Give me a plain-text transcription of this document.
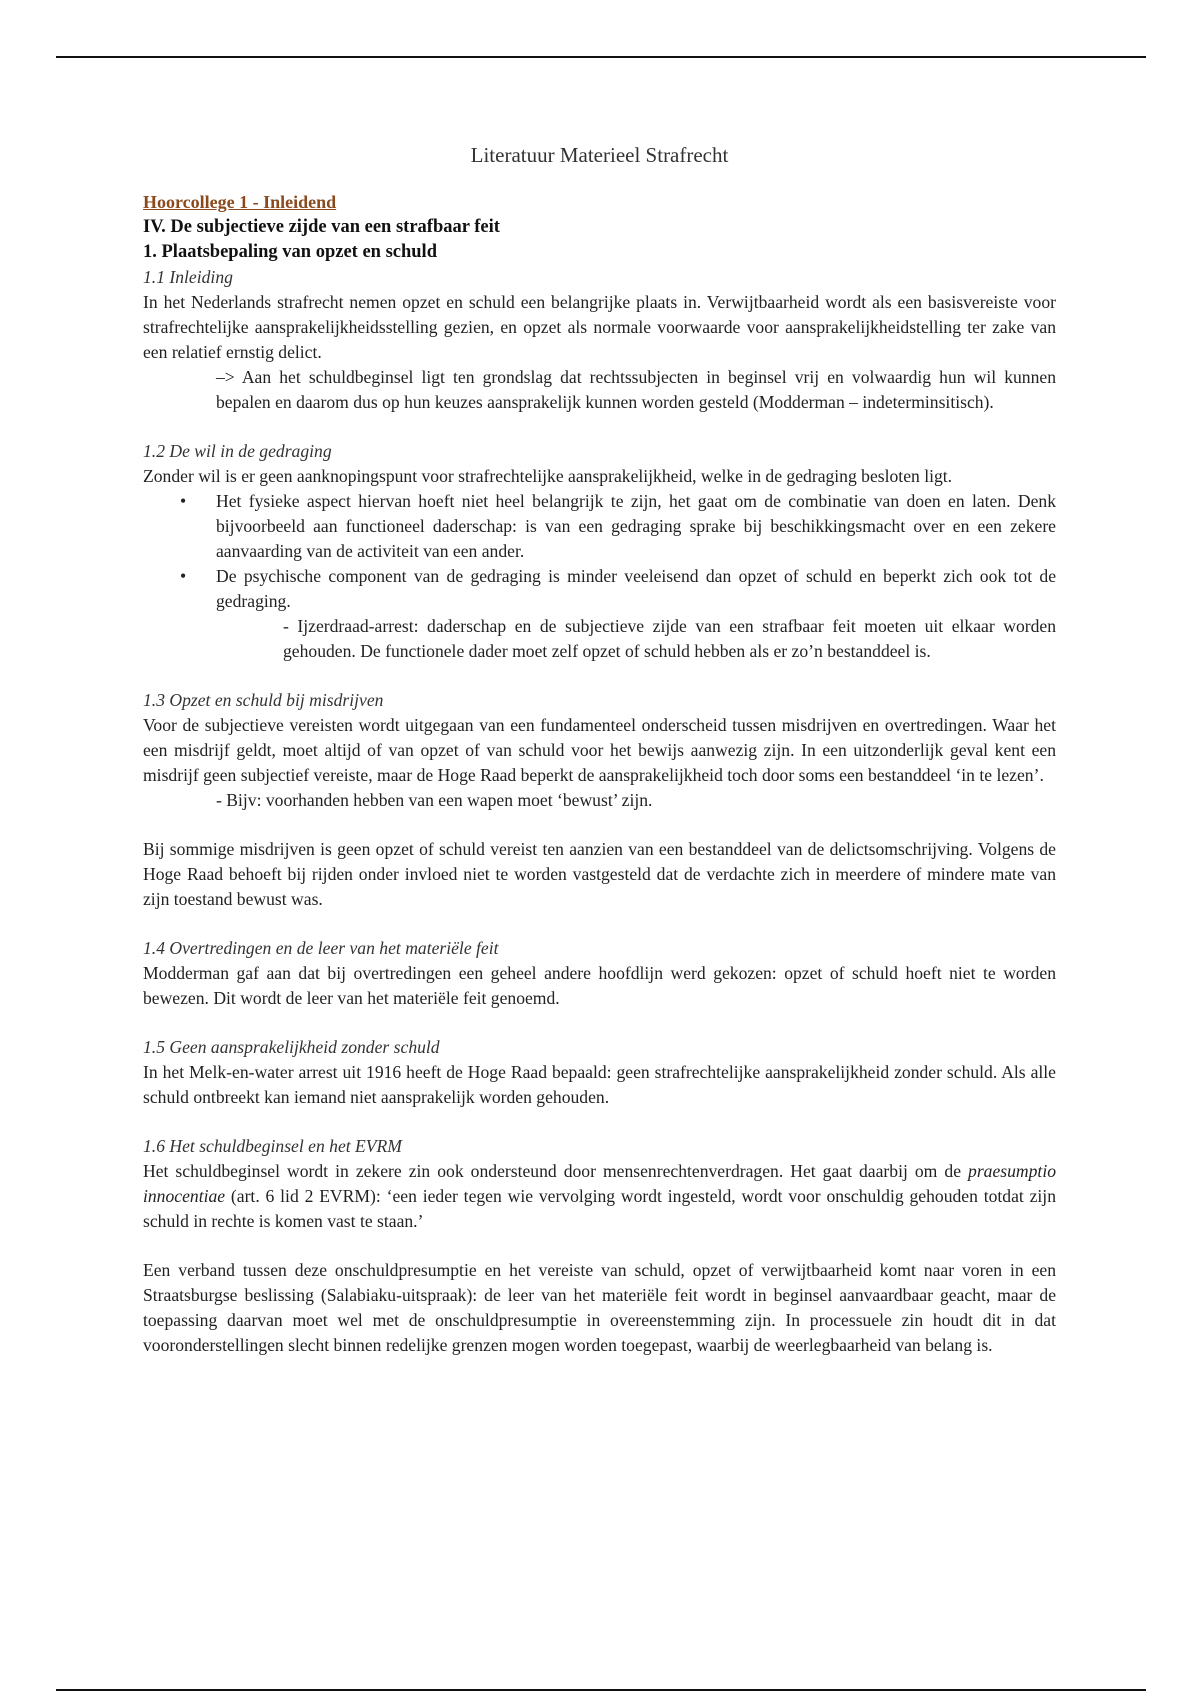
Literatuur Materieel Strafrecht
Hoorcollege 1 - Inleidend
IV. De subjectieve zijde van een strafbaar feit
1. Plaatsbepaling van opzet en schuld
1.1 Inleiding

In het Nederlands strafrecht nemen opzet en schuld een belangrijke plaats in. Verwijtbaarheid wordt als een basisvereiste voor strafrechtelijke aansprakelijkheidsstelling gezien, en opzet als normale voorwaarde voor aansprakelijkheidstelling ter zake van een relatief ernstig delict.

–> Aan het schuldbeginsel ligt ten grondslag dat rechtssubjecten in beginsel vrij en volwaardig hun wil kunnen bepalen en daarom dus op hun keuzes aansprakelijk kunnen worden gesteld (Modderman – indeterminsitisch).

1.2 De wil in de gedraging

Zonder wil is er geen aanknopingspunt voor strafrechtelijke aansprakelijkheid, welke in de gedraging besloten ligt.

• Het fysieke aspect hiervan hoeft niet heel belangrijk te zijn, het gaat om de combinatie van doen en laten. Denk bijvoorbeeld aan functioneel daderschap: is van een gedraging sprake bij beschikkingsmacht over en een zekere aanvaarding van de activiteit van een ander.
• De psychische component van de gedraging is minder veeleisend dan opzet of schuld en beperkt zich ook tot de gedraging.

- Ijzerdraad-arrest: daderschap en de subjectieve zijde van een strafbaar feit moeten uit elkaar worden gehouden. De functionele dader moet zelf opzet of schuld hebben als er zo’n bestanddeel is.

1.3 Opzet en schuld bij misdrijven

Voor de subjectieve vereisten wordt uitgegaan van een fundamenteel onderscheid tussen misdrijven en overtredingen. Waar het een misdrijf geldt, moet altijd of van opzet of van schuld voor het bewijs aanwezig zijn. In een uitzonderlijk geval kent een misdrijf geen subjectief vereiste, maar de Hoge Raad beperkt de aansprakelijkheid toch door soms een bestanddeel ‘in te lezen’.

- Bijv: voorhanden hebben van een wapen moet ‘bewust’ zijn.

Bij sommige misdrijven is geen opzet of schuld vereist ten aanzien van een bestanddeel van de delictsomschrijving. Volgens de Hoge Raad behoeft bij rijden onder invloed niet te worden vastgesteld dat de verdachte zich in meerdere of mindere mate van zijn toestand bewust was.

1.4 Overtredingen en de leer van het materiële feit

Modderman gaf aan dat bij overtredingen een geheel andere hoofdlijn werd gekozen: opzet of schuld hoeft niet te worden bewezen. Dit wordt de leer van het materiële feit genoemd.

1.5 Geen aansprakelijkheid zonder schuld

In het Melk-en-water arrest uit 1916 heeft de Hoge Raad bepaald: geen strafrechtelijke aansprakelijkheid zonder schuld. Als alle schuld ontbreekt kan iemand niet aansprakelijk worden gehouden.

1.6 Het schuldbeginsel en het EVRM

Het schuldbeginsel wordt in zekere zin ook ondersteund door mensenrechtenverdragen. Het gaat daarbij om de praesumptio innocentiae (art. 6 lid 2 EVRM): ‘een ieder tegen wie vervolging wordt ingesteld, wordt voor onschuldig gehouden totdat zijn schuld in rechte is komen vast te staan.’

Een verband tussen deze onschuldpresumptie en het vereiste van schuld, opzet of verwijtbaarheid komt naar voren in een Straatsburgse beslissing (Salabiaku-uitspraak): de leer van het materiële feit wordt in beginsel aanvaardbaar geacht, maar de toepassing daarvan moet wel met de onschuldpresumptie in overeenstemming zijn. In processuele zin houdt dit in dat vooronderstellingen slecht binnen redelijke grenzen mogen worden toegepast, waarbij de weerlegbaarheid van belang is.
